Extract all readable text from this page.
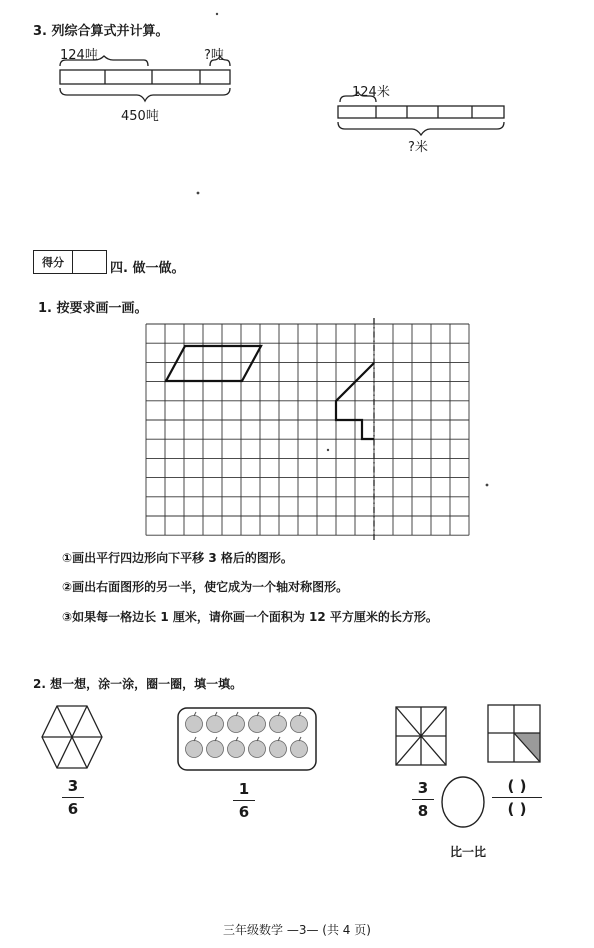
3. 列综合算式并计算。
124吨	?吨
450吨
124米
?米
得分	四. 做一做。
1. 按要求画一画。
①画出平行四边形向下平移 3 格后的图形。
②画出右面图形的另一半，使它成为一个轴对称图形。
③如果每一格边长 1 厘米，请你画一个面积为 12 平方厘米的长方形。
2. 想一想，涂一涂，圈一圈，填一填。
3
6
1
6
3
8
( )
( )
比一比
三年级数学 —3— (共 4 页)
